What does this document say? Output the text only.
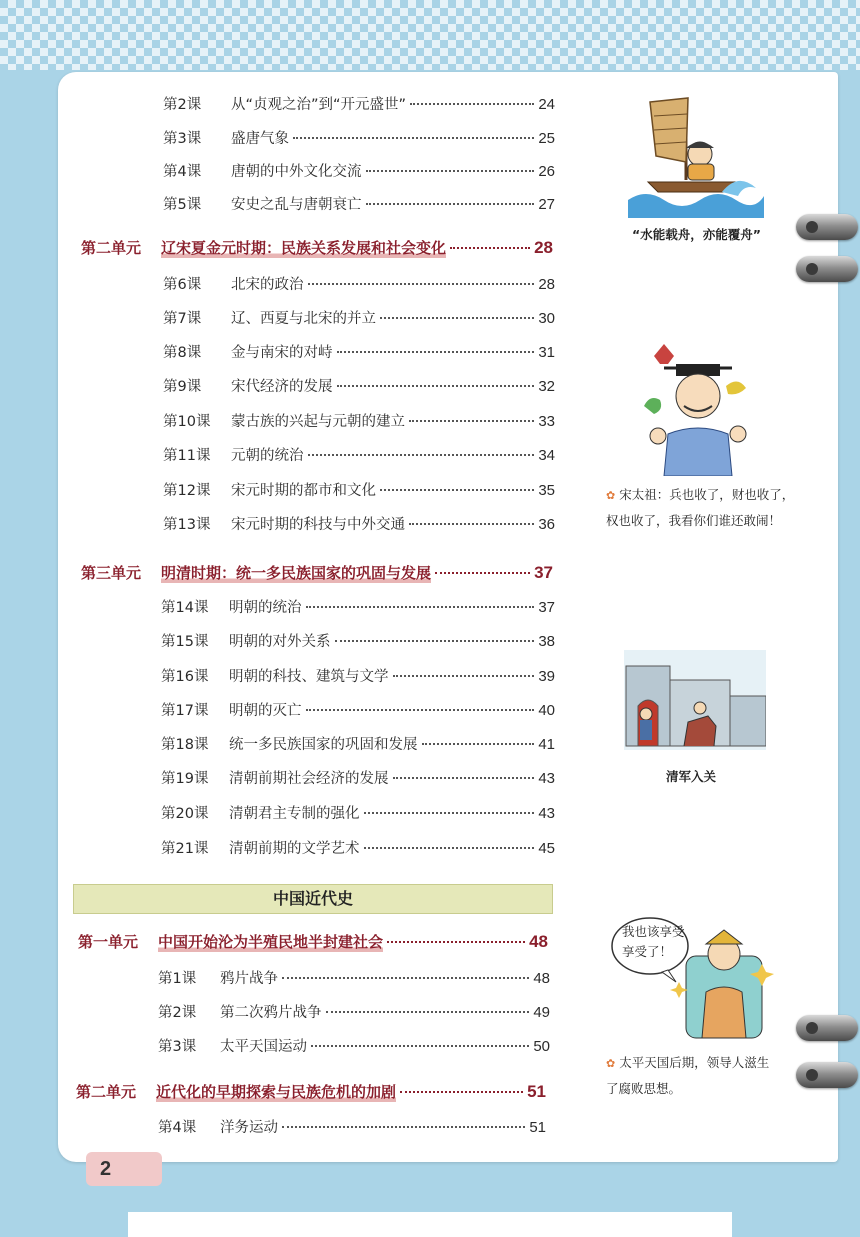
2
第2课	从“贞观之治”到“开元盛世”	24
第3课	盛唐气象	25
第4课	唐朝的中外文化交流	26
第5课	安史之乱与唐朝衰亡	27
第二单元	辽宋夏金元时期：民族关系发展和社会变化	28
第6课	北宋的政治	28
第7课	辽、西夏与北宋的并立	30
第8课	金与南宋的对峙	31
第9课	宋代经济的发展	32
第10课	蒙古族的兴起与元朝的建立	33
第11课	元朝的统治	34
第12课	宋元时期的都市和文化	35
第13课	宋元时期的科技与中外交通	36
第三单元	明清时期：统一多民族国家的巩固与发展	37
第14课	明朝的统治	37
第15课	明朝的对外关系	38
第16课	明朝的科技、建筑与文学	39
第17课	明朝的灭亡	40
第18课	统一多民族国家的巩固和发展	41
第19课	清朝前期社会经济的发展	43
第20课	清朝君主专制的强化	43
第21课	清朝前期的文学艺术	45
中国近代史
第一单元	中国开始沦为半殖民地半封建社会	48
第1课	鸦片战争	48
第2课	第二次鸦片战争	49
第3课	太平天国运动	50
第二单元	近代化的早期探索与民族危机的加剧	51
第4课	洋务运动	51
“水能载舟，亦能覆舟”
✿ 宋太祖：兵也收了，财也收了，
权也收了，我看你们谁还敢闹！
清军入关
我也该享受
享受了！
✿ 太平天国后期，领导人滋生
了腐败思想。
